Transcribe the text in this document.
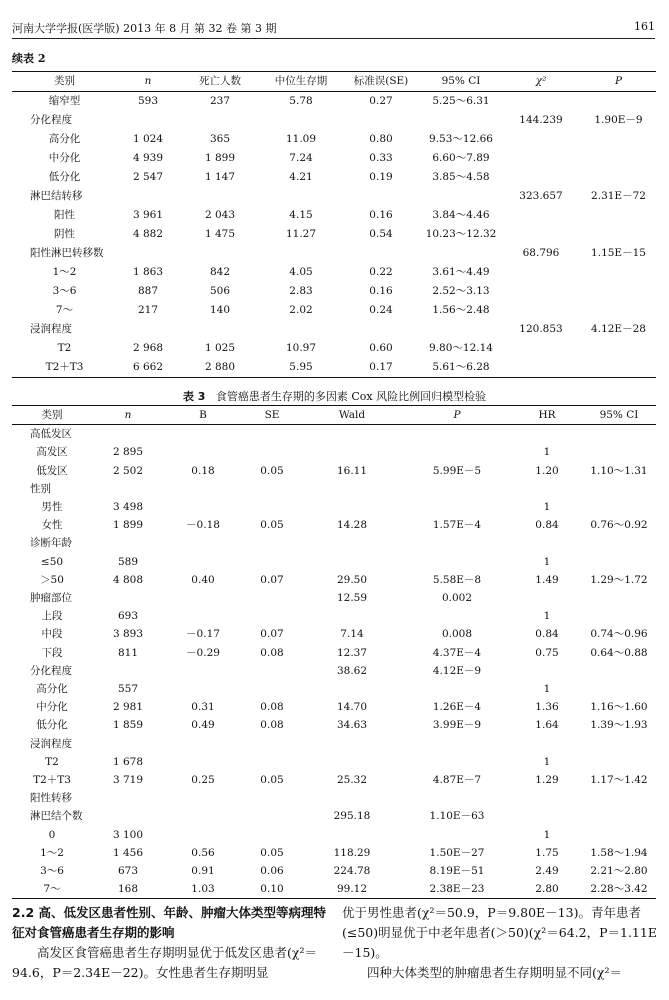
河南大学学报(医学版) 2013 年 8 月 第 32 卷 第 3 期	161
续表 2
类别	n	死亡人数	中位生存期	标准误(SE)	95% CI	χ²	P
缩窄型	593	237	5.78	0.27	5.25～6.31		
分化程度						144.239	1.90E－9
高分化	1 024	365	11.09	0.80	9.53～12.66		
中分化	4 939	1 899	7.24	0.33	6.60～7.89		
低分化	2 547	1 147	4.21	0.19	3.85～4.58		
淋巴结转移						323.657	2.31E－72
阳性	3 961	2 043	4.15	0.16	3.84～4.46		
阴性	4 882	1 475	11.27	0.54	10.23～12.32		
阳性淋巴转移数						68.796	1.15E－15
1～2	1 863	842	4.05	0.22	3.61～4.49		
3～6	887	506	2.83	0.16	2.52～3.13		
7～	217	140	2.02	0.24	1.56～2.48		
浸润程度						120.853	4.12E－28
T2	2 968	1 025	10.97	0.60	9.80～12.14		
T2＋T3	6 662	2 880	5.95	0.17	5.61～6.28		
表 3 食管癌患者生存期的多因素 Cox 风险比例回归模型检验
类别	n	B	SE	Wald	P	HR	95% CI
高低发区							
高发区	2 895					1	
低发区	2 502	0.18	0.05	16.11	5.99E－5	1.20	1.10～1.31
性别							
男性	3 498					1	
女性	1 899	－0.18	0.05	14.28	1.57E－4	0.84	0.76～0.92
诊断年龄							
≤50	589					1	
＞50	4 808	0.40	0.07	29.50	5.58E－8	1.49	1.29～1.72
肿瘤部位				12.59	0.002		
上段	693					1	
中段	3 893	－0.17	0.07	7.14	0.008	0.84	0.74～0.96
下段	811	－0.29	0.08	12.37	4.37E－4	0.75	0.64～0.88
分化程度				38.62	4.12E－9		
高分化	557					1	
中分化	2 981	0.31	0.08	14.70	1.26E－4	1.36	1.16～1.60
低分化	1 859	0.49	0.08	34.63	3.99E－9	1.64	1.39～1.93
浸润程度							
T2	1 678					1	
T2＋T3	3 719	0.25	0.05	25.32	4.87E－7	1.29	1.17～1.42
阳性转移							
淋巴结个数				295.18	1.10E－63		
0	3 100					1	
1～2	1 456	0.56	0.05	118.29	1.50E－27	1.75	1.58～1.94
3～6	673	0.91	0.06	224.78	8.19E－51	2.49	2.21～2.80
7～	168	1.03	0.10	99.12	2.38E－23	2.80	2.28～3.42

2.2 高、低发区患者性别、年龄、肿瘤大体类型等病理特征对食管癌患者生存期的影响

高发区食管癌患者生存期明显优于低发区患者(χ²＝94.6，P＝2.34E－22)。女性患者生存期明显

优于男性患者(χ²＝50.9，P＝9.80E－13)。青年患者(≤50)明显优于中老年患者(＞50)(χ²＝64.2，P＝1.11E－15)。

四种大体类型的肿瘤患者生存期明显不同(χ²＝
